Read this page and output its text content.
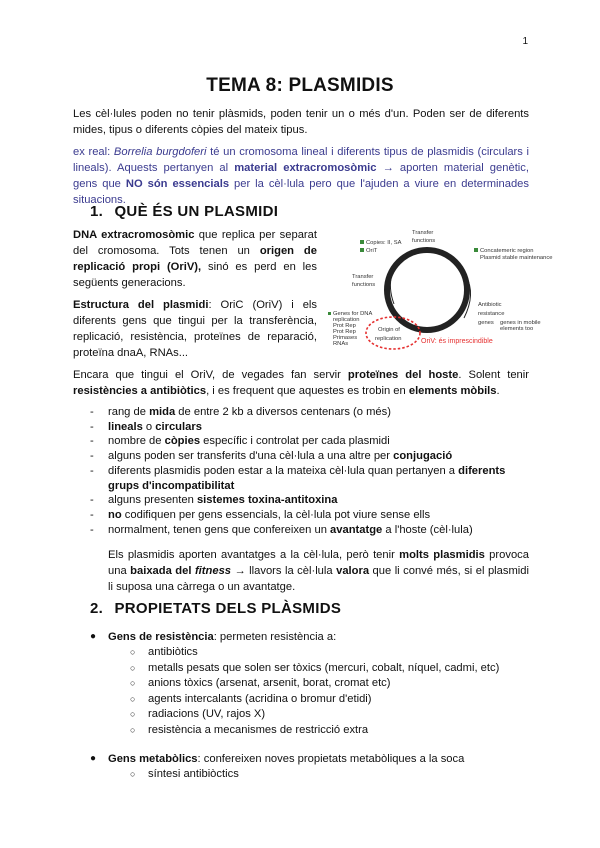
1
TEMA 8: PLASMIDIS
Les cèl·lules poden no tenir plàsmids, poden tenir un o més d'un. Poden ser de diferents mides, tipus o diferents còpies del mateix tipus.
ex real: Borrelia burgdoferi té un cromosoma lineal i diferents tipus de plasmidis (circulars i lineals). Aquests pertanyen al material extracromosòmic → aporten material genètic, gens que NO són essencials per la cèl·lula pero que l'ajuden a viure en determinades situacions.
1. QUÈ ÉS UN PLASMIDI
DNA extracromosòmic que replica per separat del cromosoma. Tots tenen un origen de replicació propi (OriV), sinó es perd en les següents generacions.
Estructura del plasmidi: OriC (OriV) i els diferents gens que tingui per la transferència, replicació, resistència, proteïnes de reparació, proteïna dnaA, RNAs...
Copies: II, SA
OriT
Transfer
functions
Concatemeric region
Plasmid stable maintenance
Transfer
functions
Antibiotic
resistance
genes genes in mobile
elements too
Genes for DNA
replication
Prot Rep
Prot Rep
Primases
RNAs
Origin of
replication	OriV: és imprescindible
Encara que tingui el OriV, de vegades fan servir proteïnes del hoste. Solent tenir resistències a antibiòtics, i es frequent que aquestes es trobin en elements mòbils.
- rang de mida de entre 2 kb a diversos centenars (o més)
- lineals o circulars
- nombre de còpies específic i controlat per cada plasmidi
- alguns poden ser transferits d'una cèl·lula a una altre per conjugació
- diferents plasmidis poden estar a la mateixa cèl·lula quan pertanyen a diferents grups d'incompatibilitat
- alguns presenten sistemes toxina-antitoxina
- no codifiquen per gens essencials, la cèl·lula pot viure sense ells
- normalment, tenen gens que confereixen un avantatge a l'hoste (cèl·lula)
Els plasmidis aporten avantatges a la cèl·lula, però tenir molts plasmidis provoca una baixada del fitness → llavors la cèl·lula valora que li convé més, si el plasmidi li suposa una càrrega o un avantatge.
2. PROPIETATS DELS PLÀSMIDS
● Gens de resistència: permeten resistència a:
○ antibiòtics
○ metalls pesats que solen ser tòxics (mercuri, cobalt, níquel, cadmi, etc)
○ anions tòxics (arsenat, arsenit, borat, cromat etc)
○ agents intercalants (acridina o bromur d'etidi)
○ radiacions (UV, rajos X)
○ resistència a mecanismes de restricció extra
● Gens metabòlics: confereixen noves propietats metabòliques a la soca
○ síntesi antibiòctics
